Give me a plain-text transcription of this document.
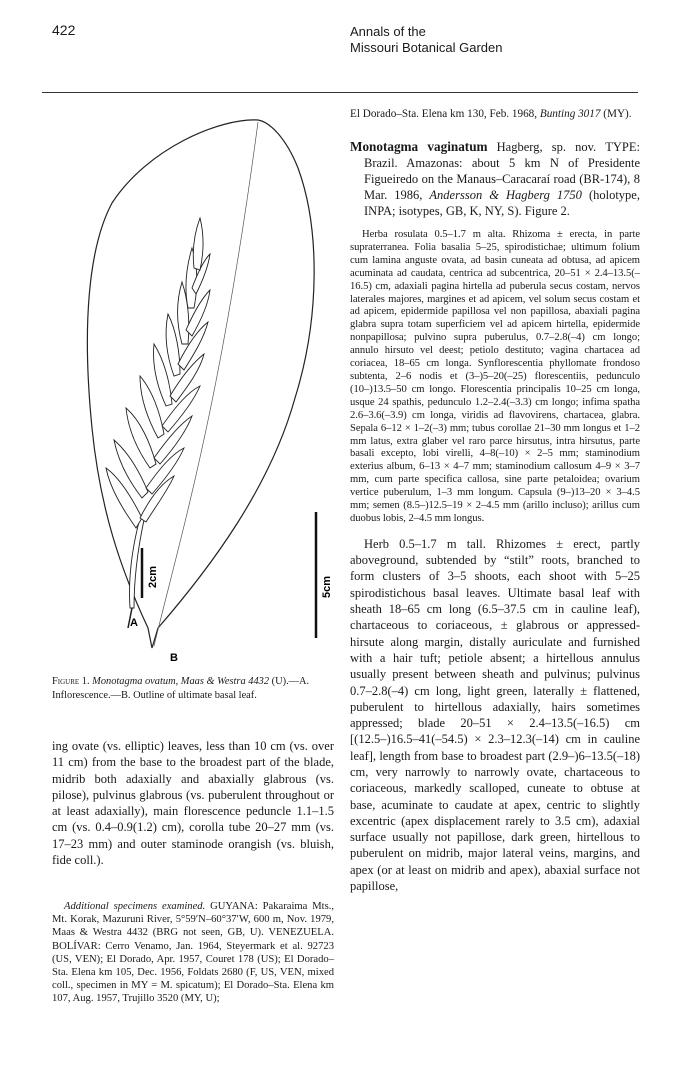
422	Annals of the
Missouri Botanical Garden
2cm	5cm
A
B
Figure 1. Monotagma ovatum, Maas & Westra 4432 (U).—A. Inflorescence.—B. Outline of ultimate basal leaf.
ing ovate (vs. elliptic) leaves, less than 10 cm (vs. over 11 cm) from the base to the broadest part of the blade, midrib both adaxially and abaxially glabrous (vs. pilose), pulvinus glabrous (vs. puberulent throughout or at least adaxially), main florescence peduncle 1.1–1.5 cm (vs. 0.4–0.9(1.2) cm), corolla tube 20–27 mm (vs. 17–23 mm) and outer staminode orangish (vs. bluish, fide coll.).
Additional specimens examined. GUYANA: Pakaraima Mts., Mt. Korak, Mazuruni River, 5°59′N–60°37′W, 600 m, Nov. 1979, Maas & Westra 4432 (BRG not seen, GB, U). VENEZUELA. BOLÍVAR: Cerro Venamo, Jan. 1964, Steyermark et al. 92723 (US, VEN); El Dorado, Apr. 1957, Couret 178 (US); El Dorado–Sta. Elena km 105, Dec. 1956, Foldats 2680 (F, US, VEN, mixed coll., specimen in MY = M. spicatum); El Dorado–Sta. Elena km 107, Aug. 1957, Trujillo 3520 (MY, U);
El Dorado–Sta. Elena km 130, Feb. 1968, Bunting 3017 (MY).
Monotagma vaginatum Hagberg, sp. nov. TYPE: Brazil. Amazonas: about 5 km N of Presidente Figueiredo on the Manaus–Caracaraí road (BR-174), 8 Mar. 1986, Andersson & Hagberg 1750 (holotype, INPA; isotypes, GB, K, NY, S). Figure 2.
Herba rosulata 0.5–1.7 m alta. Rhizoma ± erecta, in parte supraterranea. Folia basalia 5–25, spirodistichae; ultimum folium cum lamina anguste ovata, ad basin cuneata ad obtusa, ad apicem acuminata ad caudata, centrica ad subcentrica, 20–51 × 2.4–13.5(–16.5) cm, adaxiali pagina hirtella ad puberula secus costam, nervos laterales majores, margines et ad apicem, vel solum secus costam et ad apicem, epidermide papillosa vel non papillosa, abaxiali pagina glabra supra totam superficiem vel ad apicem hirtella, epidermide nonpapillosa; pulvino supra puberulus, 0.7–2.8(–4) cm longo; annulo hirsuto vel deest; petiolo destituto; vagina chartacea ad coriacea, 18–65 cm longa. Synflorescentia phyllomate frondoso subtenta, 2–6 nodis et (3–)5–20(–25) florescentiis, pedunculo (10–)13.5–50 cm longo. Florescentia principalis 10–25 cm longa, usque 24 spathis, pedunculo 1.2–2.4(–3.3) cm longo; infima spatha 2.6–3.6(–3.9) cm longa, viridis ad flavovirens, chartacea, glabra. Sepala 6–12 × 1–2(–3) mm; tubus corollae 21–30 mm longus et 1–2 mm latus, extra glaber vel raro parce hirsutus, intra hirsutus, parte basali excepto, lobi virelli, 4–8(–10) × 2–5 mm; staminodium exterius album, 6–13 × 4–7 mm; staminodium callosum 4–9 × 3–7 mm, cum parte specifica callosa, sine parte petaloidea; ovarium vertice puberulum, 1–3 mm longum. Capsula (9–)13–20 × 3–4.5 mm; semen (8.5–)12.5–19 × 2–4.5 mm (arillo incluso); arillus cum duobus lobis, 2–4.5 mm longus.
Herb 0.5–1.7 m tall. Rhizomes ± erect, partly aboveground, subtended by “stilt” roots, branched to form clusters of 3–5 shoots, each shoot with 5–25 spirodistichous basal leaves. Ultimate basal leaf with sheath 18–65 cm long (6.5–37.5 cm in cauline leaf), chartaceous to coriaceous, ± glabrous or appressed-hirsute along margin, distally auriculate and furnished with a hair tuft; petiole absent; a hirtellous annulus usually present between sheath and pulvinus; pulvinus 0.7–2.8(–4) cm long, light green, laterally ± flattened, puberulent to hirtellous adaxially, hairs sometimes appressed; blade 20–51 × 2.4–13.5(–16.5) cm [(12.5–)16.5–41(–54.5) × 2.3–12.3(–14) cm in cauline leaf], length from base to broadest part (2.9–)6–13.5(–18) cm, very narrowly to narrowly ovate, chartaceous to coriaceous, markedly scalloped, cuneate to obtuse at base, acuminate to caudate at apex, centric to slightly excentric (apex displacement rarely to 3.5 cm), adaxial surface usually not papillose, dark green, hirtellous to puberulent on midrib, major lateral veins, margins, and apex (or at least on midrib and apex), abaxial surface not papillose,
